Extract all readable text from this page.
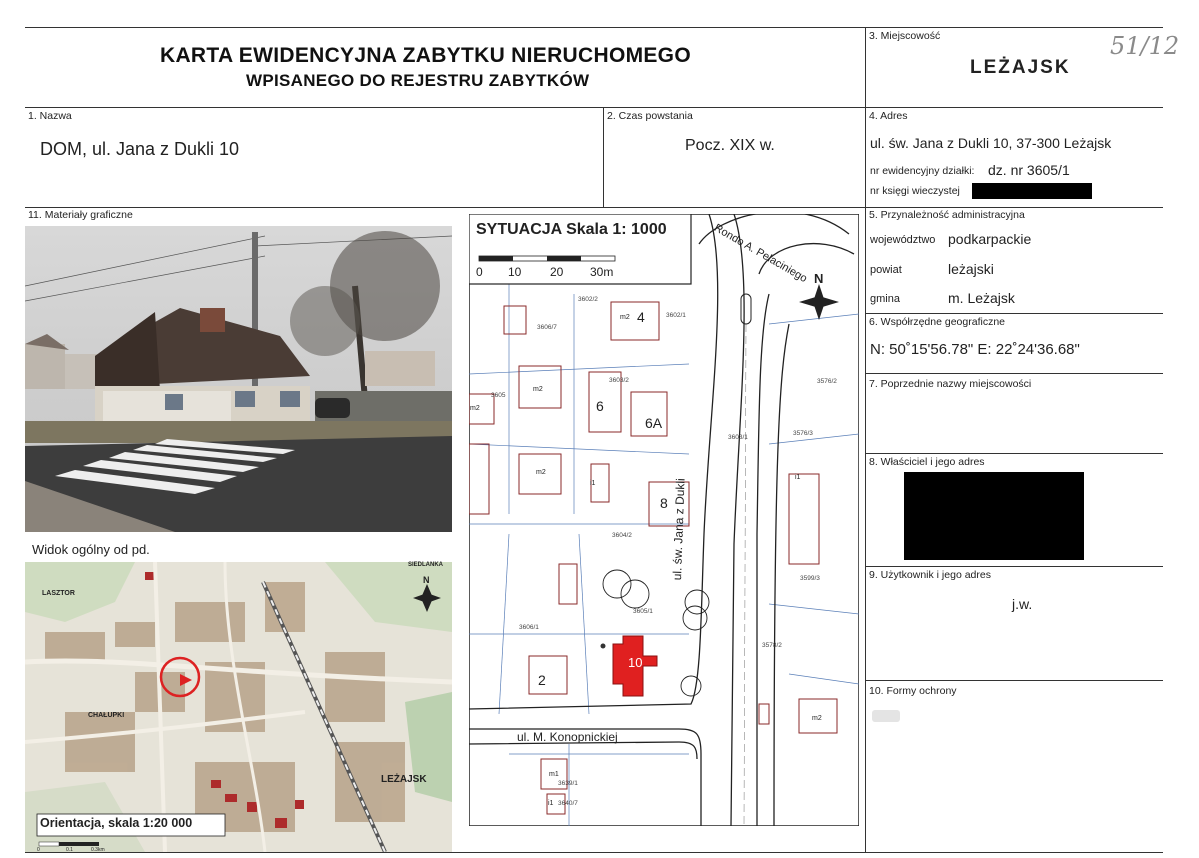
KARTA EWIDENCYJNA ZABYTKU NIERUCHOMEGO
WPISANEGO DO REJESTRU ZABYTKÓW
3. Miejscowość
LEŻAJSK
51/12
1. Nazwa
DOM, ul. Jana z Dukli 10
2. Czas powstania
Pocz. XIX w.
4. Adres
ul. św. Jana z Dukli 10, 37-300 Leżajsk
nr ewidencyjny działki: dz. nr 3605/1
nr księgi wieczystej
5. Przynależność administracyjna
województwo podkarpackie
powiat	leżajski
gmina	m. Leżajsk
6. Współrzędne geograficzne
N: 50˚15'56.78" E: 22˚24'36.68"
7. Poprzednie nazwy miejscowości
8. Właściciel i jego adres
9. Użytkownik i jego adres
j.w.
10. Formy ochrony
11. Materiały graficzne
Widok ogólny od pd.
Orientacja, skala 1:20 000
N
LASZTOR
CHAŁUPKI
LEŻAJSK
SIEDLANKA
0	0.1	0.3km
SYTUACJA Skala 1: 1000
0 10 20 30m	N
ul. św. Jana z Dukli
ul. M. Konopnickiej
Rondo A. Pelaciniego
4
6
6A
8
10
2
m2
m2
m2
m2
m2
m1
i1
i1
i1
3602/2
3602/1
3606/7
3603/2
3605
3603/1
3604/2
3605/1
3606/1
3576/3
3576/2
3599/3
3578/2
3639/1
3640/7
